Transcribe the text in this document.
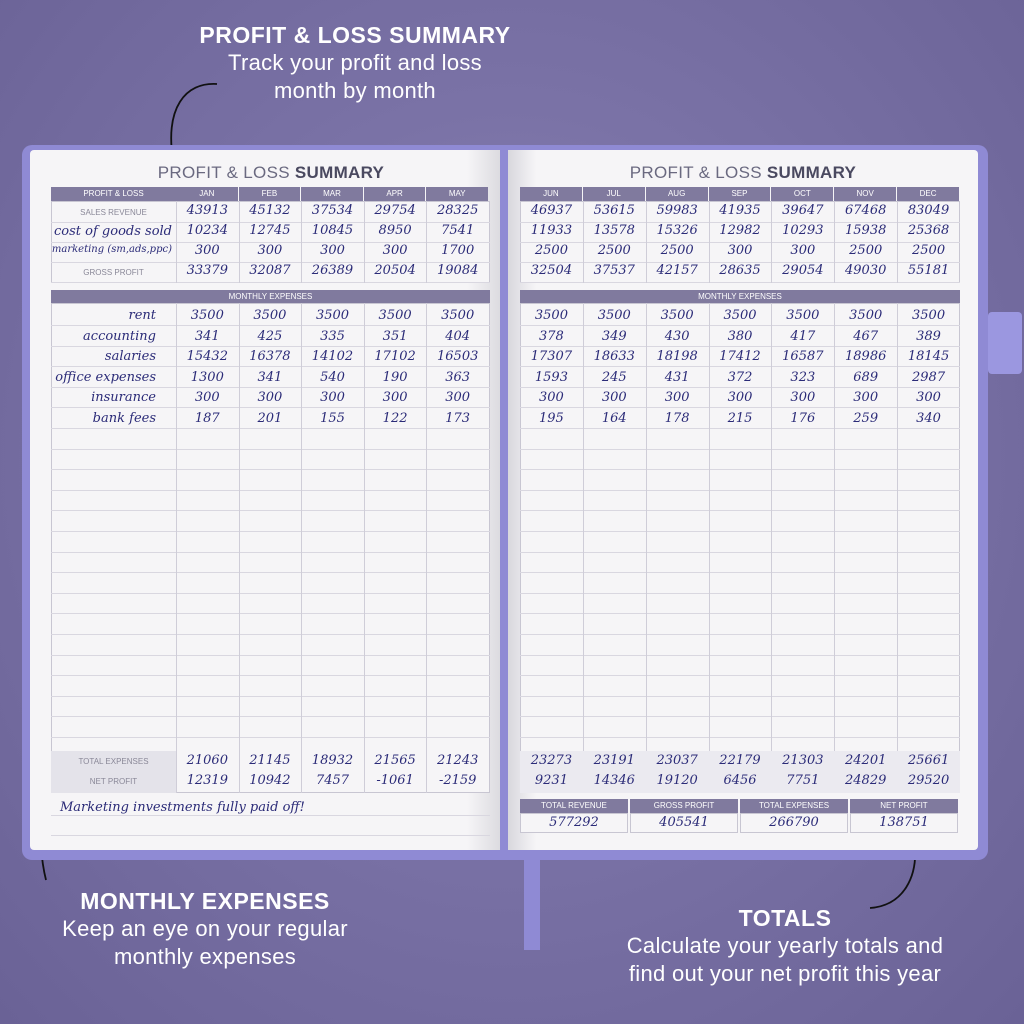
PROFIT & LOSS SUMMARY
Track your profit and loss
month by month
MONTHLY EXPENSES
Keep an eye on your regular
monthly expenses
TOTALS
Calculate your yearly totals and
find out your net profit this year
PROFIT & LOSS SUMMARY	PROFIT & LOSS SUMMARY
PROFIT & LOSS	JAN	FEB	MAR	APR	MAY
SALES REVENUE	43913	45132	37534	29754	28325
cost of goods sold	10234	12745	10845	8950	7541
marketing (sm,ads,ppc)	300	300	300	300	1700
GROSS PROFIT	33379	32087	26389	20504	19084
MONTHLY EXPENSES
rent	3500	3500	3500	3500	3500
accounting	341	425	335	351	404
salaries	15432	16378	14102	17102	16503
office expenses	1300	341	540	190	363
insurance	300	300	300	300	300
bank fees	187	201	155	122	173
TOTAL EXPENSES
NET PROFIT
21060	21145	18932	21565	21243
12319	10942	7457	-1061	-2159
Marketing investments fully paid off!
JUN	JUL	AUG	SEP	OCT	NOV	DEC
46937	53615	59983	41935	39647	67468	83049
11933	13578	15326	12982	10293	15938	25368
2500	2500	2500	300	300	2500	2500
32504	37537	42157	28635	29054	49030	55181
MONTHLY EXPENSES
3500	3500	3500	3500	3500	3500	3500
378	349	430	380	417	467	389
17307	18633	18198	17412	16587	18986	18145
1593	245	431	372	323	689	2987
300	300	300	300	300	300	300
195	164	178	215	176	259	340
23273	23191	23037	22179	21303	24201	25661
9231	14346	19120	6456	7751	24829	29520
TOTAL REVENUE	GROSS PROFIT	TOTAL EXPENSES	NET PROFIT
577292	405541	266790	138751
